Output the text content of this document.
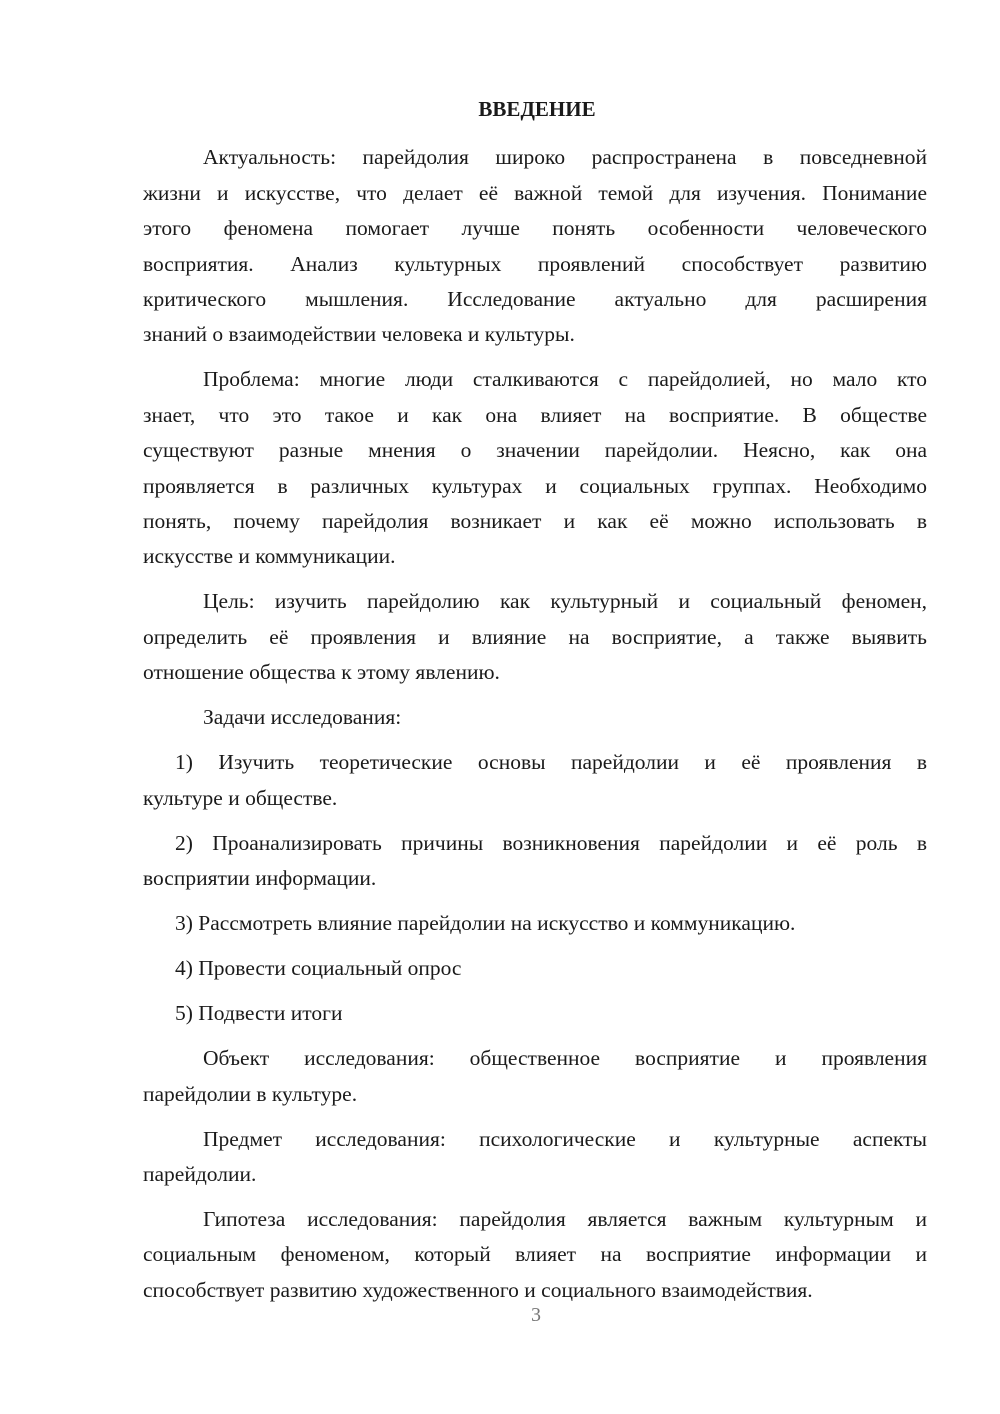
ВВЕДЕНИЕ
Актуальность: парейдолия широко распространена в повседневной
жизни и искусстве, что делает её важной темой для изучения. Понимание
этого феномена помогает лучше понять особенности человеческого
восприятия. Анализ культурных проявлений способствует развитию
критического мышления. Исследование актуально для расширения
знаний о взаимодействии человека и культуры.
Проблема: многие люди сталкиваются с парейдолией, но мало кто
знает, что это такое и как она влияет на восприятие. В обществе
существуют разные мнения о значении парейдолии. Неясно, как она
проявляется в различных культурах и социальных группах. Необходимо
понять, почему парейдолия возникает и как её можно использовать в
искусстве и коммуникации.
Цель: изучить парейдолию как культурный и социальный феномен,
определить её проявления и влияние на восприятие, а также выявить
отношение общества к этому явлению.
Задачи исследования:
1) Изучить теоретические основы парейдолии и её проявления в
культуре и обществе.
2) Проанализировать причины возникновения парейдолии и её роль в
восприятии информации.
3) Рассмотреть влияние парейдолии на искусство и коммуникацию.
4) Провести социальный опрос
5) Подвести итоги
Объект исследования: общественное восприятие и проявления
парейдолии в культуре.
Предмет исследования: психологические и культурные аспекты
парейдолии.
Гипотеза исследования: парейдолия является важным культурным и
социальным феноменом, который влияет на восприятие информации и
способствует развитию художественного и социального взаимодействия.
3
